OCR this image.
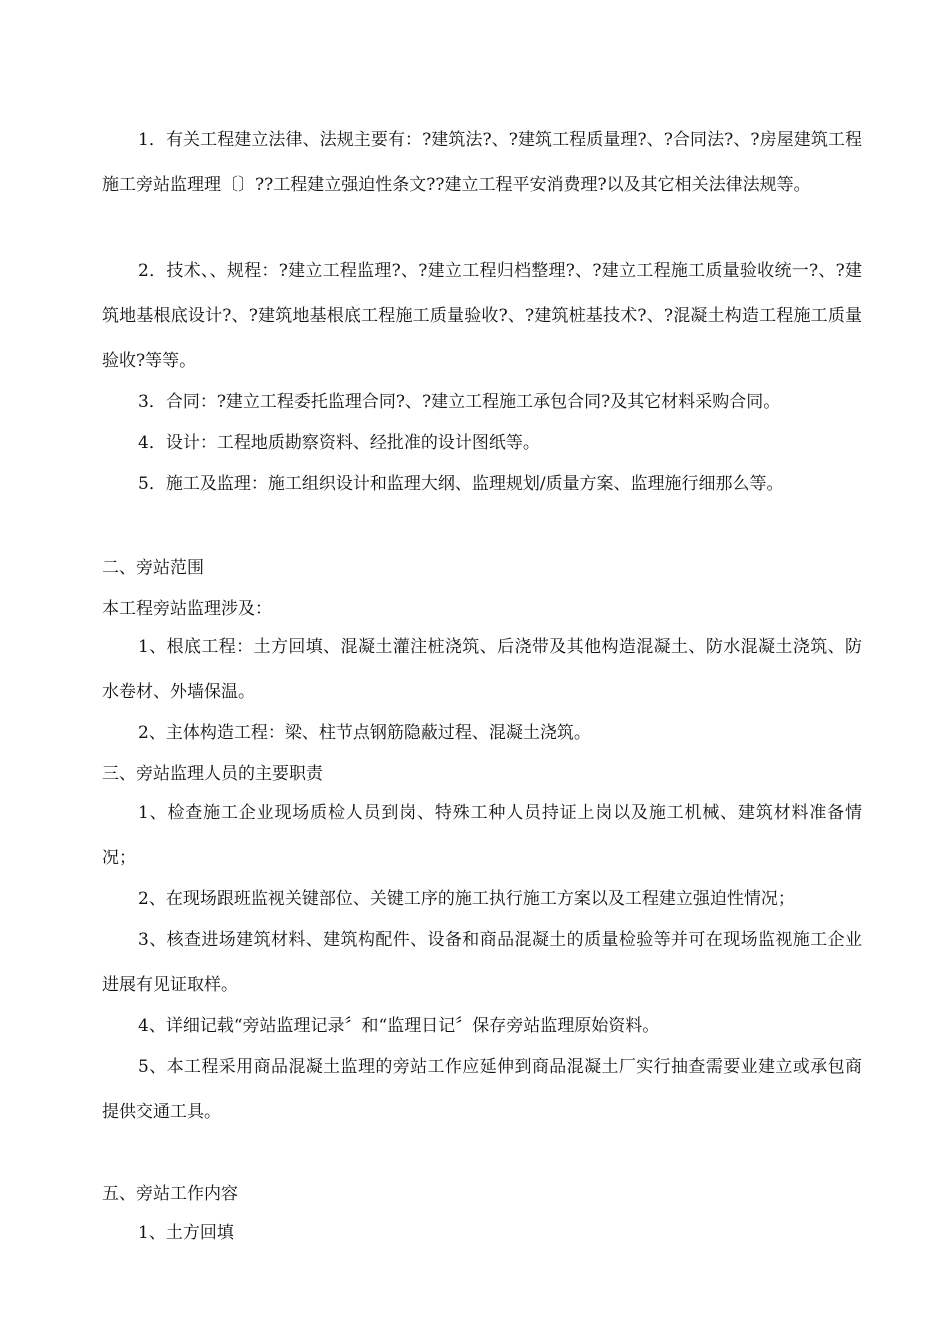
1．有关工程建立法律、法规主要有：?建筑法?、?建筑工程质量理?、?合同法?、?房屋建筑工程施工旁站监理理〔〕??工程建立强迫性条文??建立工程平安消费理?以及其它相关法律法规等。

2．技术、、规程：?建立工程监理?、?建立工程归档整理?、?建立工程施工质量验收统一?、?建筑地基根底设计?、?建筑地基根底工程施工质量验收?、?建筑桩基技术?、?混凝土构造工程施工质量验收?等等。

3．合同：?建立工程委托监理合同?、?建立工程施工承包合同?及其它材料采购合同。

4．设计：工程地质勘察资料、经批准的设计图纸等。

5．施工及监理：施工组织设计和监理大纲、监理规划/质量方案、监理施行细那么等。

二、旁站范围

本工程旁站监理涉及：

1、根底工程：土方回填、混凝土灌注桩浇筑、后浇带及其他构造混凝土、防水混凝土浇筑、防水卷材、外墙保温。

2、主体构造工程：梁、柱节点钢筋隐蔽过程、混凝土浇筑。

三、旁站监理人员的主要职责

1、检查施工企业现场质检人员到岗、特殊工种人员持证上岗以及施工机械、建筑材料准备情况；

2、在现场跟班监视关键部位、关键工序的施工执行施工方案以及工程建立强迫性情况；

3、核查进场建筑材料、建筑构配件、设备和商品混凝土的质量检验等并可在现场监视施工企业进展有见证取样。

4、详细记载“旁站监理记录〞和“监理日记〞保存旁站监理原始资料。

5、本工程采用商品混凝土监理的旁站工作应延伸到商品混凝土厂实行抽查需要业建立或承包商提供交通工具。

五、旁站工作内容

1、土方回填
